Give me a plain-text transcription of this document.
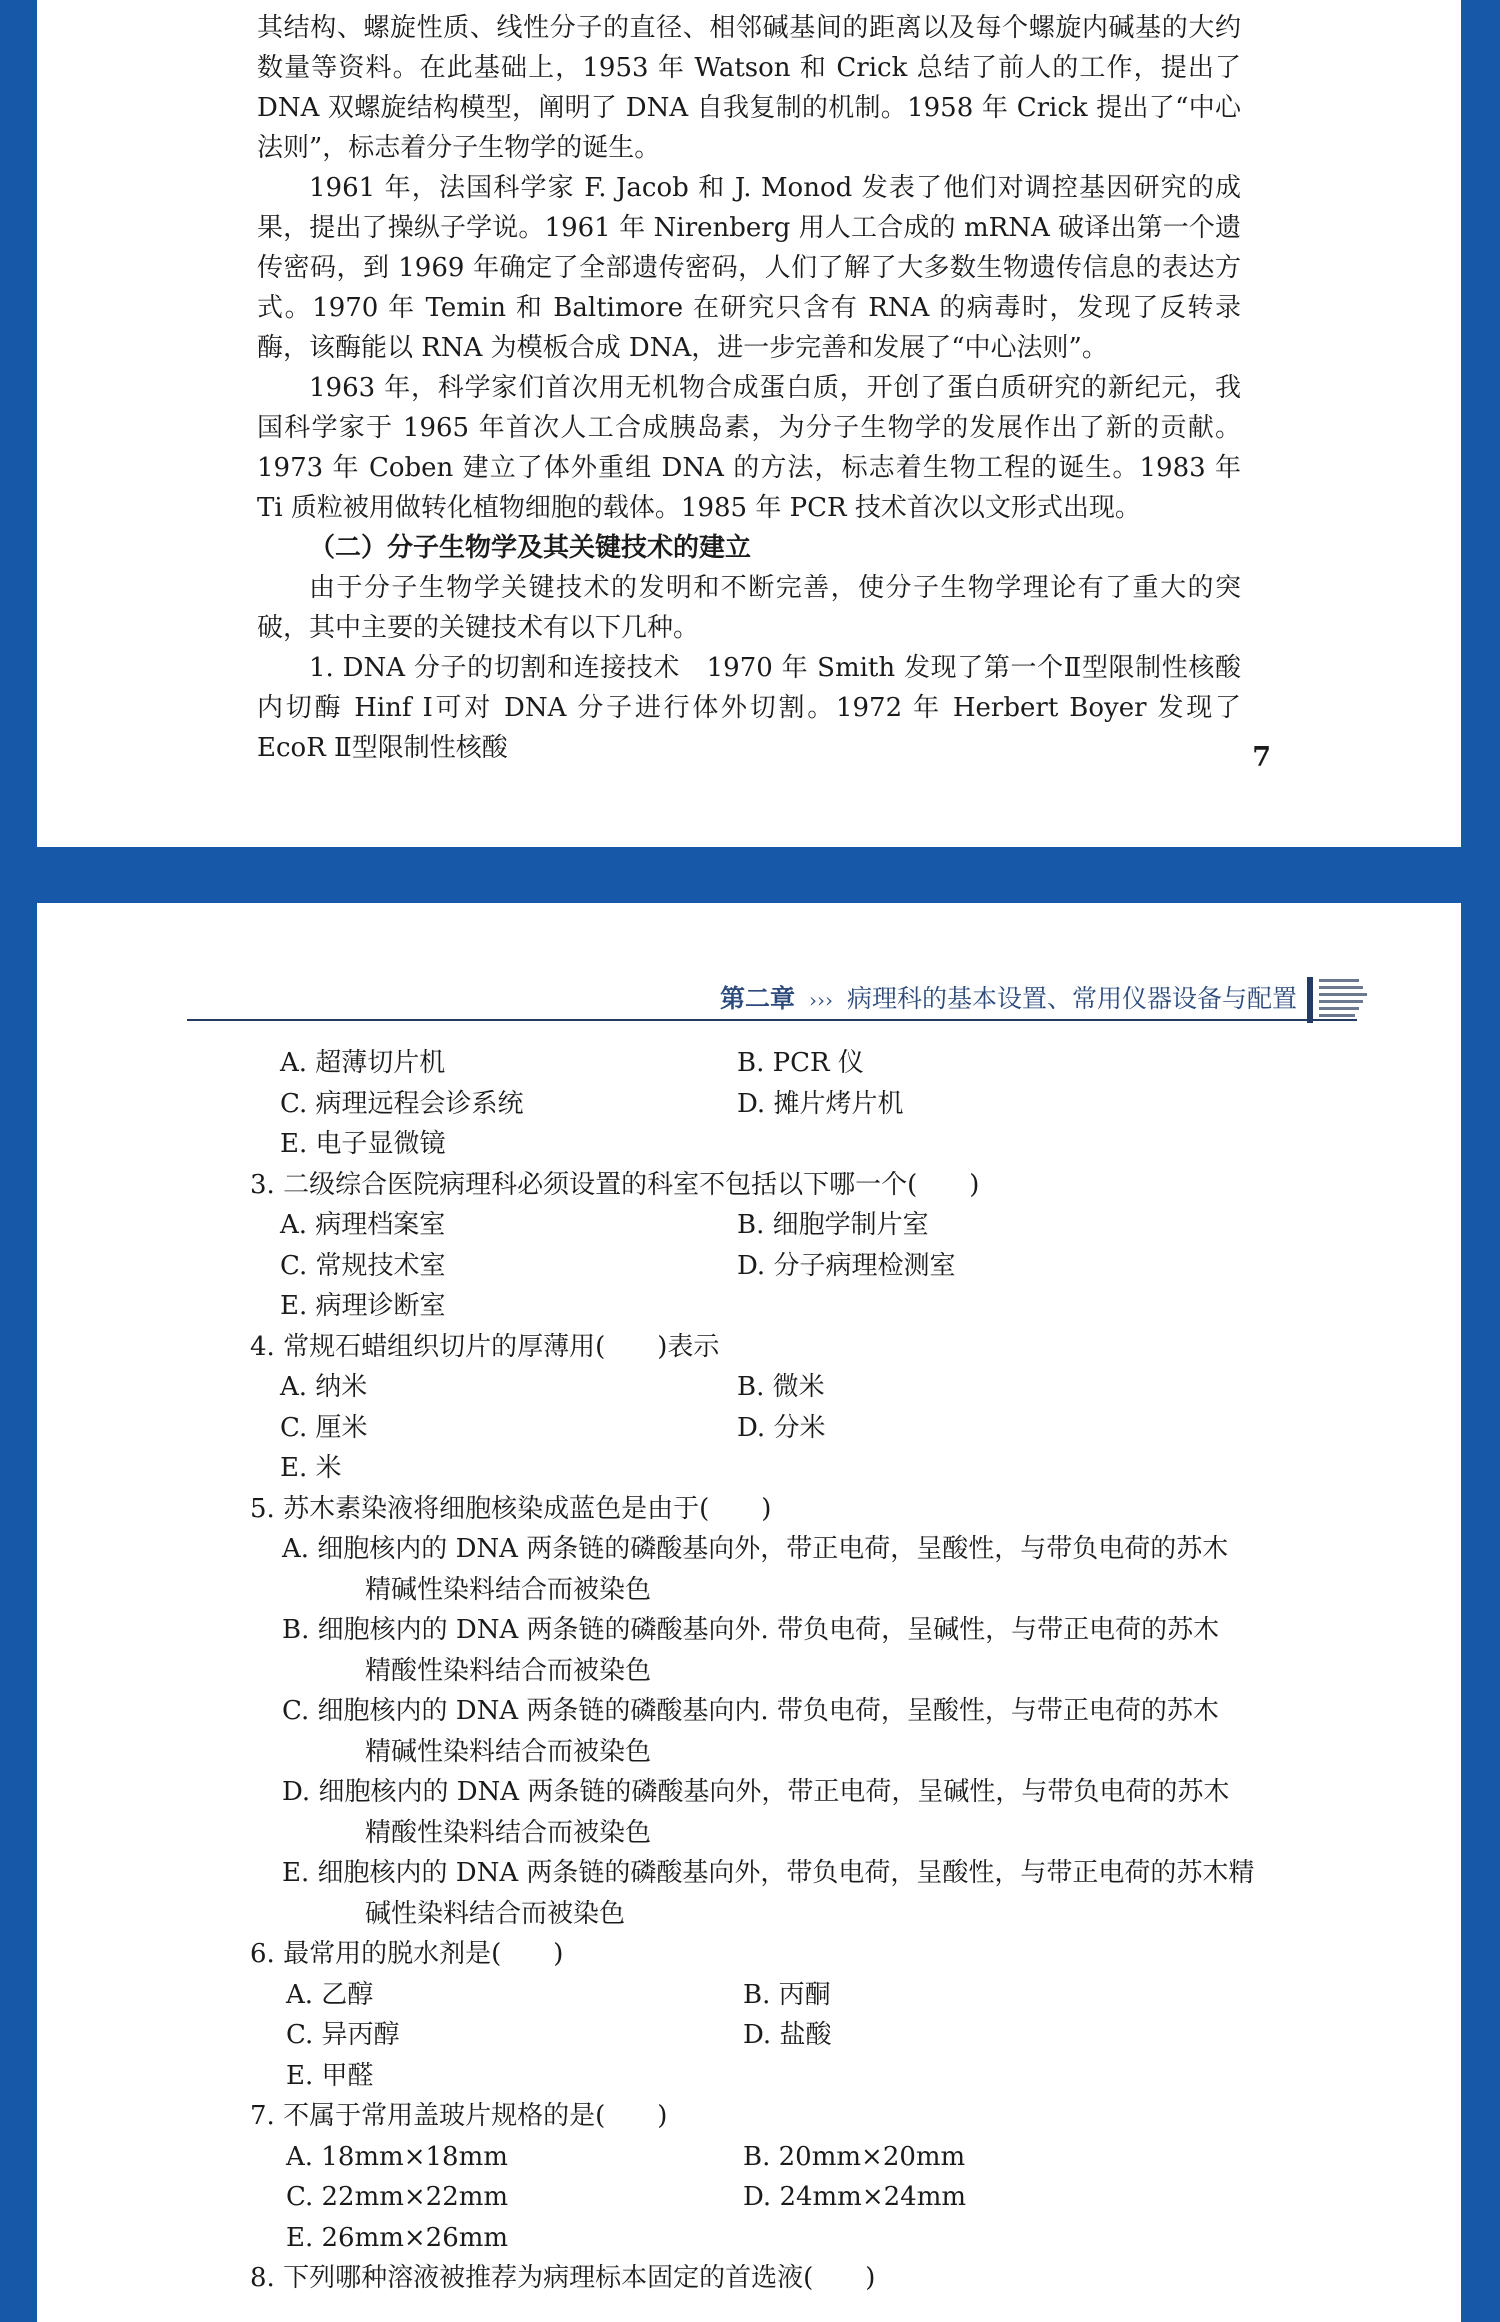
其结构、螺旋性质、线性分子的直径、相邻碱基间的距离以及每个螺旋内碱基的大约数量等资料。在此基础上，1953 年 Watson 和 Crick 总结了前人的工作，提出了 DNA 双螺旋结构模型，阐明了 DNA 自我复制的机制。1958 年 Crick 提出了“中心法则”，标志着分子生物学的诞生。

1961 年，法国科学家 F. Jacob 和 J. Monod 发表了他们对调控基因研究的成果，提出了操纵子学说。1961 年 Nirenberg 用人工合成的 mRNA 破译出第一个遗传密码，到 1969 年确定了全部遗传密码，人们了解了大多数生物遗传信息的表达方式。1970 年 Temin 和 Baltimore 在研究只含有 RNA 的病毒时，发现了反转录酶，该酶能以 RNA 为模板合成 DNA，进一步完善和发展了“中心法则”。

1963 年，科学家们首次用无机物合成蛋白质，开创了蛋白质研究的新纪元，我国科学家于 1965 年首次人工合成胰岛素，为分子生物学的发展作出了新的贡献。1973 年 Coben 建立了体外重组 DNA 的方法，标志着生物工程的诞生。1983 年 Ti 质粒被用做转化植物细胞的载体。1985 年 PCR 技术首次以文形式出现。

（二）分子生物学及其关键技术的建立

由于分子生物学关键技术的发明和不断完善，使分子生物学理论有了重大的突破，其中主要的关键技术有以下几种。

1. DNA 分子的切割和连接技术　1970 年 Smith 发现了第一个Ⅱ型限制性核酸内切酶 Hinf Ⅰ可对 DNA 分子进行体外切割。1972 年 Herbert Boyer 发现了 EcoR Ⅱ型限制性核酸	7
第二章 ››› 病理科的基本设置、常用仪器设备与配置
A. 超薄切片机	B. PCR 仪
C. 病理远程会诊系统	D. 摊片烤片机
E. 电子显微镜
3. 二级综合医院病理科必须设置的科室不包括以下哪一个(　　)
A. 病理档案室	B. 细胞学制片室
C. 常规技术室	D. 分子病理检测室
E. 病理诊断室
4. 常规石蜡组织切片的厚薄用(　　)表示
A. 纳米	B. 微米
C. 厘米	D. 分米
E. 米
5. 苏木素染液将细胞核染成蓝色是由于(　　)
A. 细胞核内的 DNA 两条链的磷酸基向外，带正电荷，呈酸性，与带负电荷的苏木
精碱性染料结合而被染色
B. 细胞核内的 DNA 两条链的磷酸基向外. 带负电荷，呈碱性，与带正电荷的苏木
精酸性染料结合而被染色
C. 细胞核内的 DNA 两条链的磷酸基向内. 带负电荷，呈酸性，与带正电荷的苏木
精碱性染料结合而被染色
D. 细胞核内的 DNA 两条链的磷酸基向外，带正电荷，呈碱性，与带负电荷的苏木
精酸性染料结合而被染色
E. 细胞核内的 DNA 两条链的磷酸基向外，带负电荷，呈酸性，与带正电荷的苏木精
碱性染料结合而被染色
6. 最常用的脱水剂是(　　)
A. 乙醇	B. 丙酮
C. 异丙醇	D. 盐酸
E. 甲醛
7. 不属于常用盖玻片规格的是(　　)
A. 18mm×18mm	B. 20mm×20mm
C. 22mm×22mm	D. 24mm×24mm
E. 26mm×26mm
8. 下列哪种溶液被推荐为病理标本固定的首选液(　　)
